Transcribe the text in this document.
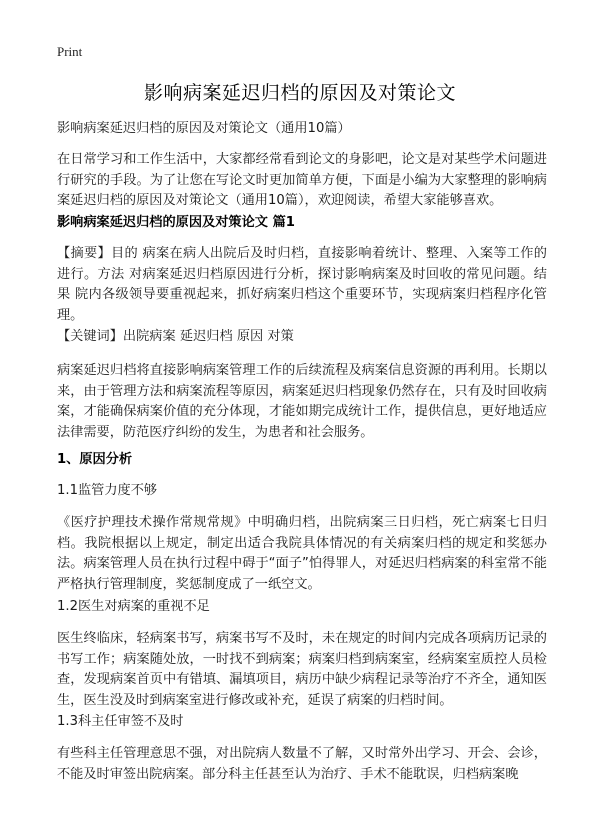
Print
影响病案延迟归档的原因及对策论文
影响病案延迟归档的原因及对策论文（通用10篇）
在日常学习和工作生活中，大家都经常看到论文的身影吧，论文是对某些学术问题进行研究的手段。为了让您在写论文时更加简单方便，下面是小编为大家整理的影响病案延迟归档的原因及对策论文（通用10篇），欢迎阅读，希望大家能够喜欢。
影响病案延迟归档的原因及对策论文 篇1
【摘要】目的 病案在病人出院后及时归档，直接影响着统计、整理、入案等工作的进行。方法 对病案延迟归档原因进行分析，探讨影响病案及时回收的常见问题。结果 院内各级领导要重视起来，抓好病案归档这个重要环节，实现病案归档程序化管理。
【关键词】出院病案 延迟归档 原因 对策
病案延迟归档将直接影响病案管理工作的后续流程及病案信息资源的再利用。长期以来，由于管理方法和病案流程等原因，病案延迟归档现象仍然存在，只有及时回收病案，才能确保病案价值的充分体现，才能如期完成统计工作，提供信息，更好地适应法律需要，防范医疗纠纷的发生，为患者和社会服务。
1、原因分析
1.1监管力度不够
《医疗护理技术操作常规常规》中明确归档，出院病案三日归档，死亡病案七日归档。我院根据以上规定，制定出适合我院具体情况的有关病案归档的规定和奖惩办法。病案管理人员在执行过程中碍于“面子”怕得罪人，对延迟归档病案的科室常不能严格执行管理制度，奖惩制度成了一纸空文。
1.2医生对病案的重视不足
医生终临床，轻病案书写，病案书写不及时，未在规定的时间内完成各项病历记录的书写工作；病案随处放，一时找不到病案；病案归档到病案室，经病案室质控人员检查，发现病案首页中有错填、漏填项目，病历中缺少病程记录等治疗不齐全，通知医生，医生没及时到病案室进行修改或补充，延误了病案的归档时间。
1.3科主任审签不及时
有些科主任管理意思不强，对出院病人数量不了解，又时常外出学习、开会、会诊，不能及时审签出院病案。部分科主任甚至认为治疗、手术不能耽误，归档病案晚
